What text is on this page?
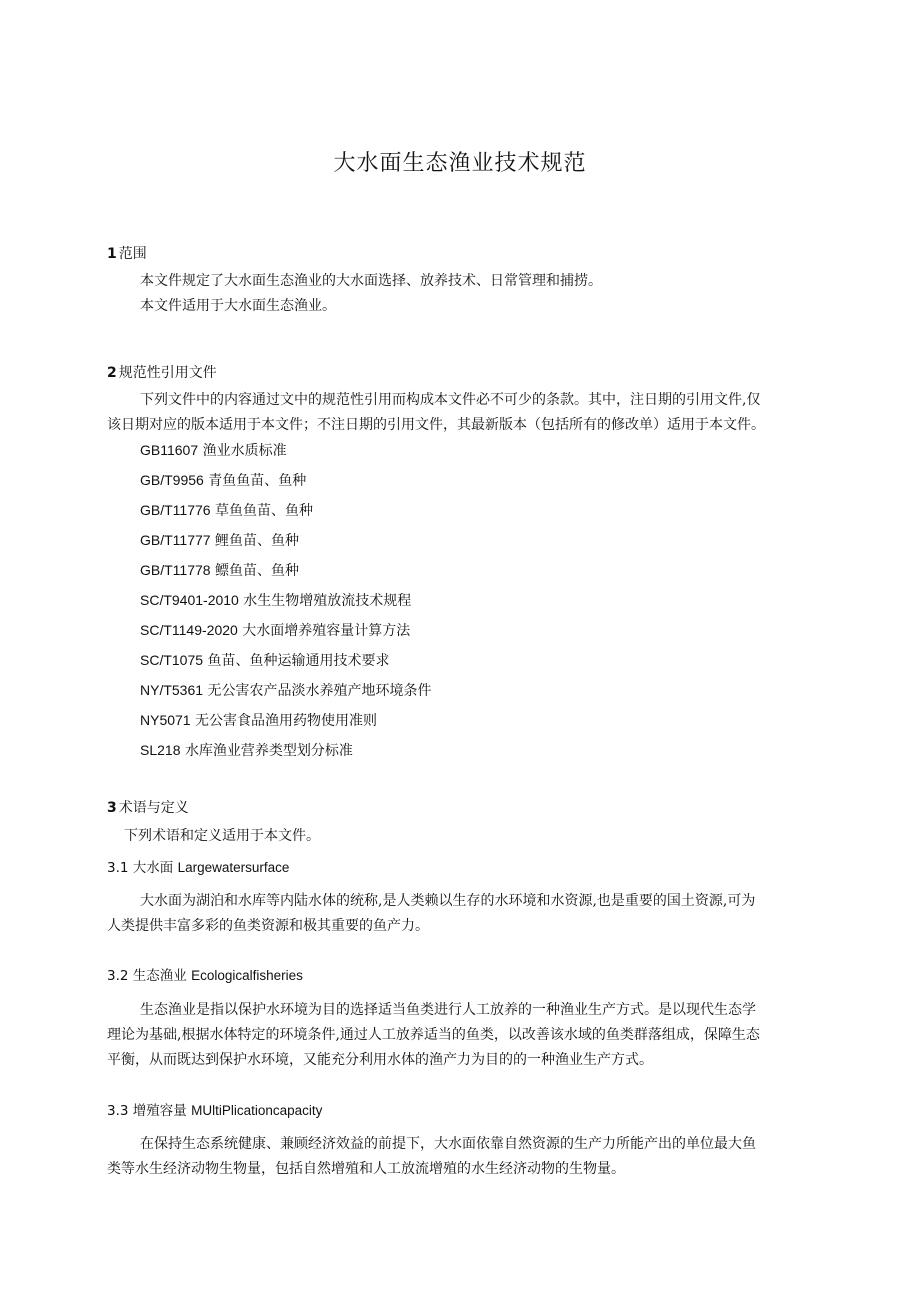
大水面生态渔业技术规范
1 范围
本文件规定了大水面生态渔业的大水面选择、放养技术、日常管理和捕捞。
本文件适用于大水面生态渔业。
2 规范性引用文件
下列文件中的内容通过文中的规范性引用而构成本文件必不可少的条款。其中，注日期的引用文件,仅
该日期对应的版本适用于本文件；不注日期的引用文件，其最新版本（包括所有的修改单）适用于本文件。
GB11607 渔业水质标准
GB/T9956 青鱼鱼苗、鱼种
GB/T11776 草鱼鱼苗、鱼种
GB/T11777 鲤鱼苗、鱼种
GB/T11778 鳔鱼苗、鱼种
SC/T9401-2010 水生生物增殖放流技术规程
SC/T1149-2020 大水面增养殖容量计算方法
SC/T1075 鱼苗、鱼种运输通用技术要求
NY/T5361 无公害农产品淡水养殖产地环境条件
NY5071 无公害食品渔用药物使用准则
SL218 水库渔业营养类型划分标准
3 术语与定义
下列术语和定义适用于本文件。
3.1 大水面 Largewatersurface
大水面为湖泊和水库等内陆水体的统称,是人类赖以生存的水环境和水资源,也是重要的国土资源,可为
人类提供丰富多彩的鱼类资源和极其重要的鱼产力。
3.2 生态渔业 Ecologicalfisheries
生态渔业是指以保护水环境为目的选择适当鱼类进行人工放养的一种渔业生产方式。是以现代生态学
理论为基础,根据水体特定的环境条件,通过人工放养适当的鱼类，以改善该水域的鱼类群落组成，保障生态
平衡，从而既达到保护水环境，又能充分利用水体的渔产力为目的的一种渔业生产方式。
3.3 增殖容量 MUltiPlicationcapacity
在保持生态系统健康、兼顾经济效益的前提下，大水面依靠自然资源的生产力所能产出的单位最大鱼
类等水生经济动物生物量，包括自然增殖和人工放流增殖的水生经济动物的生物量。
